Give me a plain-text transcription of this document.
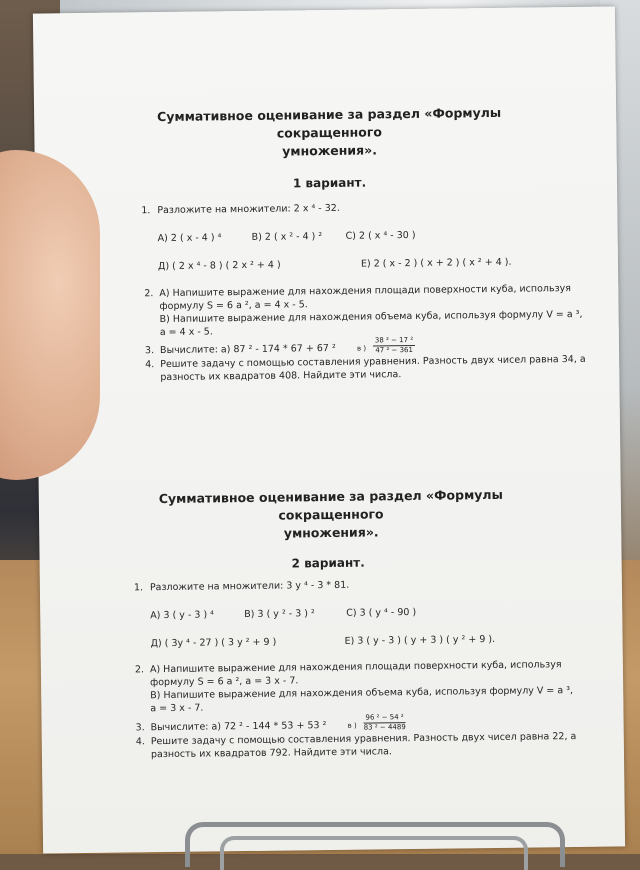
Суммативное оценивание за раздел «Формулы сокращенного
умножения».
1 вариант.
1. Разложите на множители: 2 x ⁴ - 32.
А) 2 ( x - 4 ) ⁴	В) 2 ( x ² - 4 ) ² С) 2 ( x ⁴ - 30 )
Д) ( 2 x ⁴ - 8 ) ( 2 x ² + 4 )	Е) 2 ( x - 2 ) ( x + 2 ) ( x ² + 4 ).
2. А) Напишите выражение для нахождения площади поверхности куба, используя
формулу S = 6 a ², a = 4 x - 5.
В) Напишите выражение для нахождения объема куба, используя формулу V = a ³,
a = 4 x - 5.
3. Вычислите: а) 87 ² - 174 * 67 + 67 ²	в ) $\frac{\text{38 ² − 17 ²}}{\text{47 ² − 361}}$
4. Решите задачу с помощью составления уравнения. Разность двух чисел равна 34, а
разность их квадратов 408. Найдите эти числа.
Суммативное оценивание за раздел «Формулы сокращенного
умножения».
2 вариант.
1. Разложите на множители: 3 y ⁴ - 3 * 81.
А) 3 ( y - 3 ) ⁴	В) 3 ( y ² - 3 ) ²	С) 3 ( y ⁴ - 90 )
Д) ( 3y ⁴ - 27 ) ( 3 y ² + 9 )	Е) 3 ( y - 3 ) ( y + 3 ) ( y ² + 9 ).
2. А) Напишите выражение для нахождения площади поверхности куба, используя
формулу S = 6 a ², a = 3 x - 7.
В) Напишите выражение для нахождения объема куба, используя формулу V = a ³,
a = 3 x - 7.
3. Вычислите: а) 72 ² - 144 * 53 + 53 ²	в ) $\frac{\text{96 ² − 54 ²}}{\text{83 ² − 4489}}$
4. Решите задачу с помощью составления уравнения. Разность двух чисел равна 22, а
разность их квадратов 792. Найдите эти числа.
